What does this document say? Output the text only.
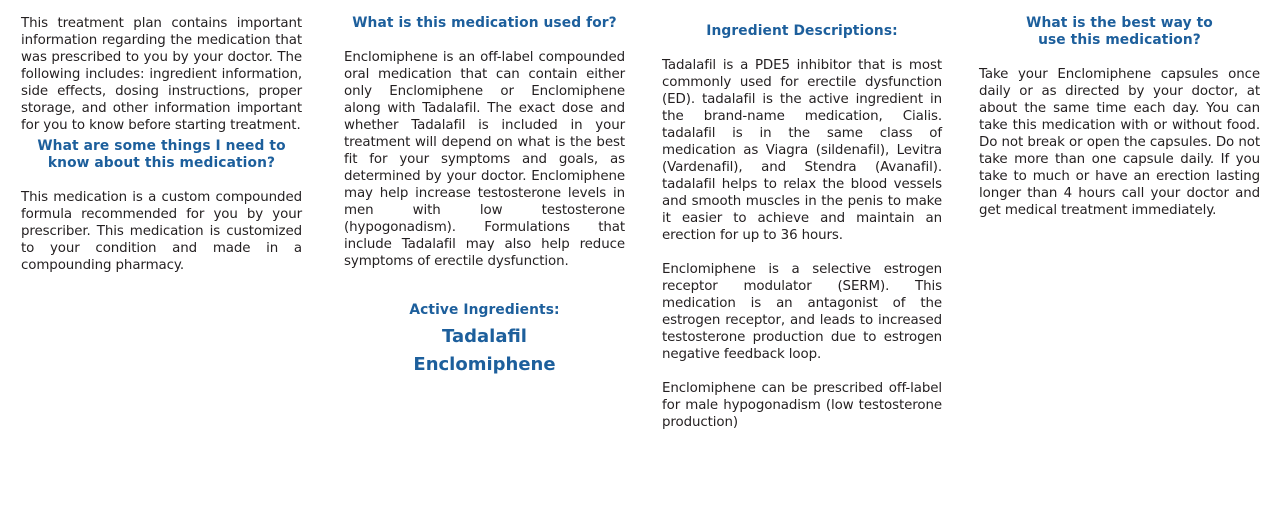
This treatment plan contains important information regarding the medication that was prescribed to you by your doctor. The following includes: ingredient information, side effects, dosing instructions, proper storage, and other information important for you to know before starting treatment.

What are some things I need to
know about this medication?

This medication is a custom compounded formula recommended for you by your prescriber. This medication is customized to your condition and made in a compounding pharmacy.

What is this medication used for?

Enclomiphene is an off-label compounded oral medication that can contain either only Enclomiphene or Enclomiphene along with Tadalafil. The exact dose and whether Tadalafil is included in your treatment will depend on what is the best fit for your symptoms and goals, as determined by your doctor. Enclomiphene may help increase testosterone levels in men with low testosterone (hypogonadism). Formulations that include Tadalafil may also help reduce symptoms of erectile dysfunction.

Active Ingredients:

Tadalafil

Enclomiphene

Ingredient Descriptions:

Tadalafil is a PDE5 inhibitor that is most commonly used for erectile dysfunction (ED). tadalafil is the active ingredient in the brand-name medication, Cialis. tadalafil is in the same class of medication as Viagra (sildenafil), Levitra (Vardenafil), and Stendra (Avanafil). tadalafil helps to relax the blood vessels and smooth muscles in the penis to make it easier to achieve and maintain an erection for up to 36 hours.

Enclomiphene is a selective estrogen receptor modulator (SERM). This medication is an antagonist of the estrogen receptor, and leads to increased testosterone production due to estrogen negative feedback loop.

Enclomiphene can be prescribed off-label for male hypogonadism (low testosterone production)

What is the best way to
use this medication?

Take your Enclomiphene capsules once daily or as directed by your doctor, at about the same time each day. You can take this medication with or without food. Do not break or open the capsules. Do not take more than one capsule daily. If you take to much or have an erection lasting longer than 4 hours call your doctor and get medical treatment immediately.
